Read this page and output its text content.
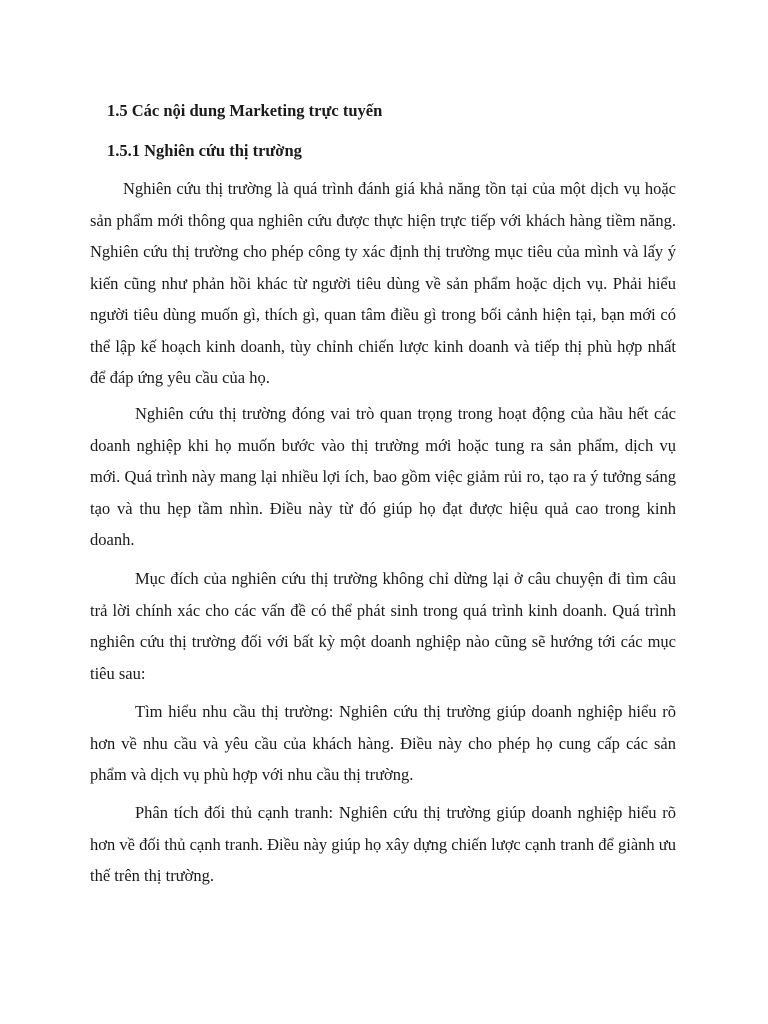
1.5 Các nội dung Marketing trực tuyến
1.5.1 Nghiên cứu thị trường

Nghiên cứu thị trường là quá trình đánh giá khả năng tồn tại của một dịch vụ hoặc sản phẩm mới thông qua nghiên cứu được thực hiện trực tiếp với khách hàng tiềm năng. Nghiên cứu thị trường cho phép công ty xác định thị trường mục tiêu của mình và lấy ý kiến cũng như phản hồi khác từ người tiêu dùng về sản phẩm hoặc dịch vụ. Phải hiểu người tiêu dùng muốn gì, thích gì, quan tâm điều gì trong bối cảnh hiện tại, bạn mới có thể lập kế hoạch kinh doanh, tùy chỉnh chiến lược kinh doanh và tiếp thị phù hợp nhất để đáp ứng yêu cầu của họ.

Nghiên cứu thị trường đóng vai trò quan trọng trong hoạt động của hầu hết các doanh nghiệp khi họ muốn bước vào thị trường mới hoặc tung ra sản phẩm, dịch vụ mới. Quá trình này mang lại nhiều lợi ích, bao gồm việc giảm rủi ro, tạo ra ý tưởng sáng tạo và thu hẹp tầm nhìn. Điều này từ đó giúp họ đạt được hiệu quả cao trong kinh doanh.

Mục đích của nghiên cứu thị trường không chỉ dừng lại ở câu chuyện đi tìm câu trả lời chính xác cho các vấn đề có thể phát sinh trong quá trình kinh doanh. Quá trình nghiên cứu thị trường đối với bất kỳ một doanh nghiệp nào cũng sẽ hướng tới các mục tiêu sau:

Tìm hiểu nhu cầu thị trường: Nghiên cứu thị trường giúp doanh nghiệp hiểu rõ hơn về nhu cầu và yêu cầu của khách hàng. Điều này cho phép họ cung cấp các sản phẩm và dịch vụ phù hợp với nhu cầu thị trường.

Phân tích đối thủ cạnh tranh: Nghiên cứu thị trường giúp doanh nghiệp hiểu rõ hơn về đối thủ cạnh tranh. Điều này giúp họ xây dựng chiến lược cạnh tranh để giành ưu thế trên thị trường.
